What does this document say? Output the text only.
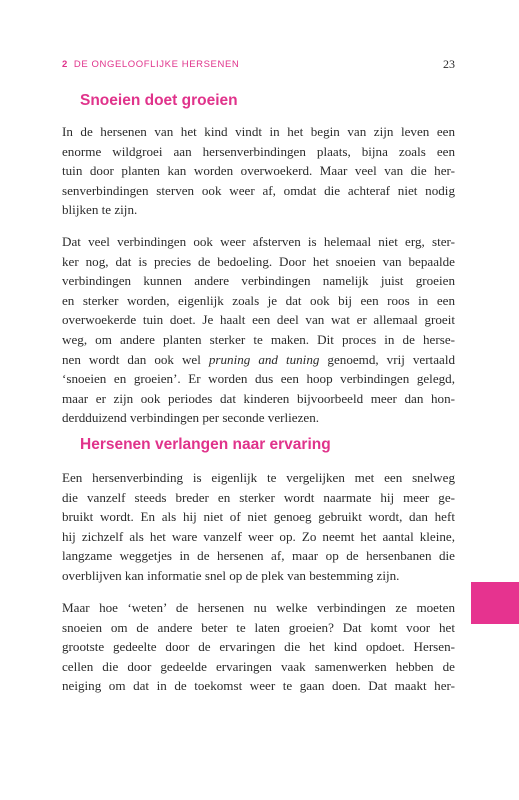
2 DE ONGELOOFLIJKE HERSENEN	23
Snoeien doet groeien

In de hersenen van het kind vindt in het begin van zijn leven een
enorme wildgroei aan hersenverbindingen plaats, bijna zoals een
tuin door planten kan worden overwoekerd. Maar veel van die her-
senverbindingen sterven ook weer af, omdat die achteraf niet nodig
blijken te zijn.

Dat veel verbindingen ook weer afsterven is helemaal niet erg, ster-
ker nog, dat is precies de bedoeling. Door het snoeien van bepaalde
verbindingen kunnen andere verbindingen namelijk juist groeien
en sterker worden, eigenlijk zoals je dat ook bij een roos in een
overwoekerde tuin doet. Je haalt een deel van wat er allemaal groeit
weg, om andere planten sterker te maken. Dit proces in de herse-
nen wordt dan ook wel pruning and tuning genoemd, vrij vertaald
‘snoeien en groeien’. Er worden dus een hoop verbindingen gelegd,
maar er zijn ook periodes dat kinderen bijvoorbeeld meer dan hon-
derdduizend verbindingen per seconde verliezen.

Hersenen verlangen naar ervaring

Een hersenverbinding is eigenlijk te vergelijken met een snelweg
die vanzelf steeds breder en sterker wordt naarmate hij meer ge-
bruikt wordt. En als hij niet of niet genoeg gebruikt wordt, dan heft
hij zichzelf als het ware vanzelf weer op. Zo neemt het aantal kleine,
langzame weggetjes in de hersenen af, maar op de hersenbanen die
overblijven kan informatie snel op de plek van bestemming zijn.

Maar hoe ‘weten’ de hersenen nu welke verbindingen ze moeten
snoeien om de andere beter te laten groeien? Dat komt voor het
grootste gedeelte door de ervaringen die het kind opdoet. Hersen-
cellen die door gedeelde ervaringen vaak samenwerken hebben de
neiging om dat in de toekomst weer te gaan doen. Dat maakt her-
